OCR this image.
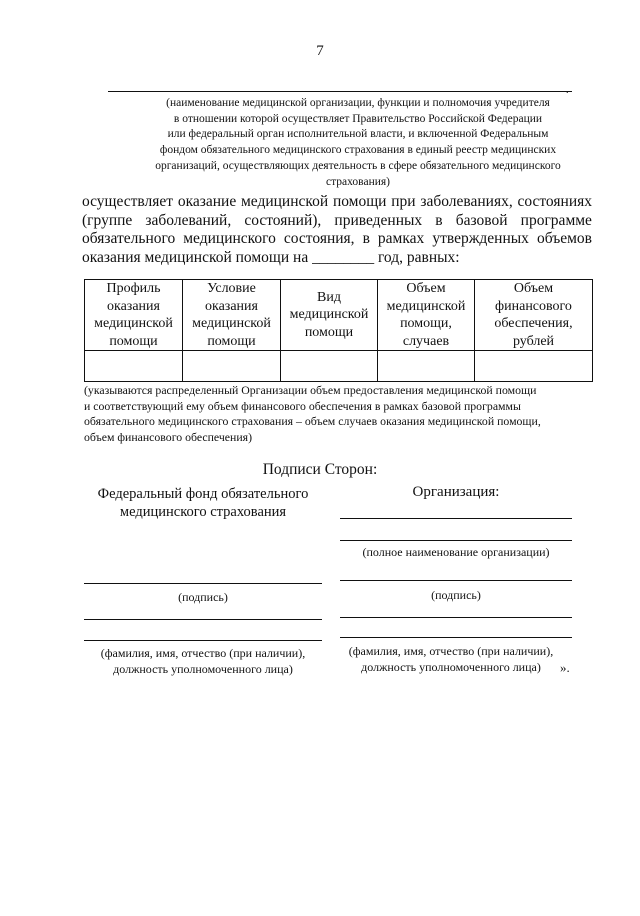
7
.
(наименование медицинской организации, функции и полномочия учредителя
в отношении которой осуществляет Правительство Российской Федерации
или федеральный орган исполнительной власти, и включенной Федеральным
фондом обязательного медицинского страхования в единый реестр медицинских
организаций, осуществляющих деятельность в сфере обязательного медицинского
страхования)
осуществляет оказание медицинской помощи при заболеваниях, состояниях
(группе заболеваний, состояний), приведенных в базовой программе
обязательного медицинского состояния, в рамках утвержденных объемов
оказания медицинской помощи на ________ год, равных:
Профиль оказания медицинской помощи	Условие оказания медицинской помощи	Вид медицинской помощи	Объем медицинской помощи, случаев	Объем финансового обеспечения, рублей

(указываются распределенный Организации объем предоставления медицинской помощи
и соответствующий ему объем финансового обеспечения в рамках базовой программы
обязательного медицинского страхования – объем случаев оказания медицинской помощи,
объем финансового обеспечения)
Подписи Сторон:
Федеральный фонд обязательного
медицинского страхования
Организация:
(полное наименование организации)
(подпись)	(подпись)
(фамилия, имя, отчество (при наличии),
должность уполномоченного лица)
(фамилия, имя, отчество (при наличии),
должность уполномоченного лица)	».
